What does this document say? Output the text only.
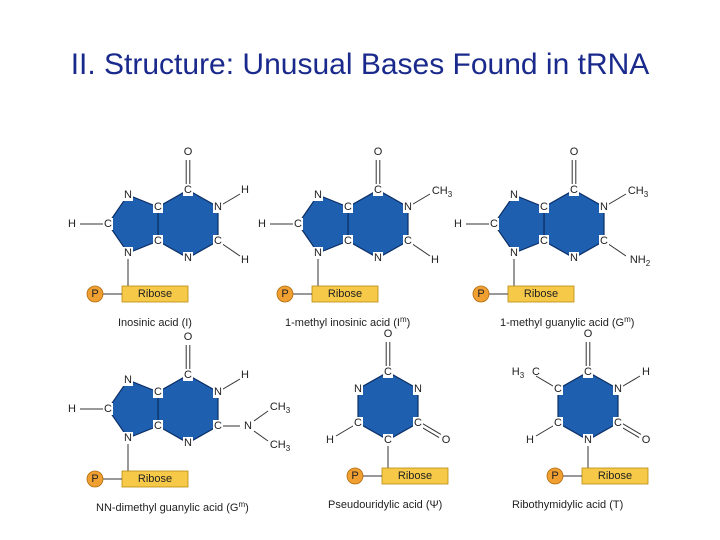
II. Structure: Unusual Bases Found in tRNA
O
H
H
H
C
N
C
N
C
C
N
C
N
Ribose
P
Inosinic acid (I)
O
H
$CH_3$
H
C
N
C
N
C
C
N
C
N
Ribose
P
1-methyl inosinic acid $(I^m)$
O
H
$CH_3$
$NH_2$
C
N
C
N
C
C
N
C
N
Ribose
P
1-methyl guanylic acid $(G^m)$
O
H
H
N
$CH_3$
$CH_3$
C
N
C
N
C
C
N
C
N
Ribose
P
NN-dimethyl guanylic acid $(G^m)$
O
O
H
Ribose
P
C
N
C
C
C
N
Pseudouridylic acid (Ψ)
O
O
H
H
$H_3$ C
Ribose
P
C
N
C
N
C
C
Ribothymidylic acid (T)
